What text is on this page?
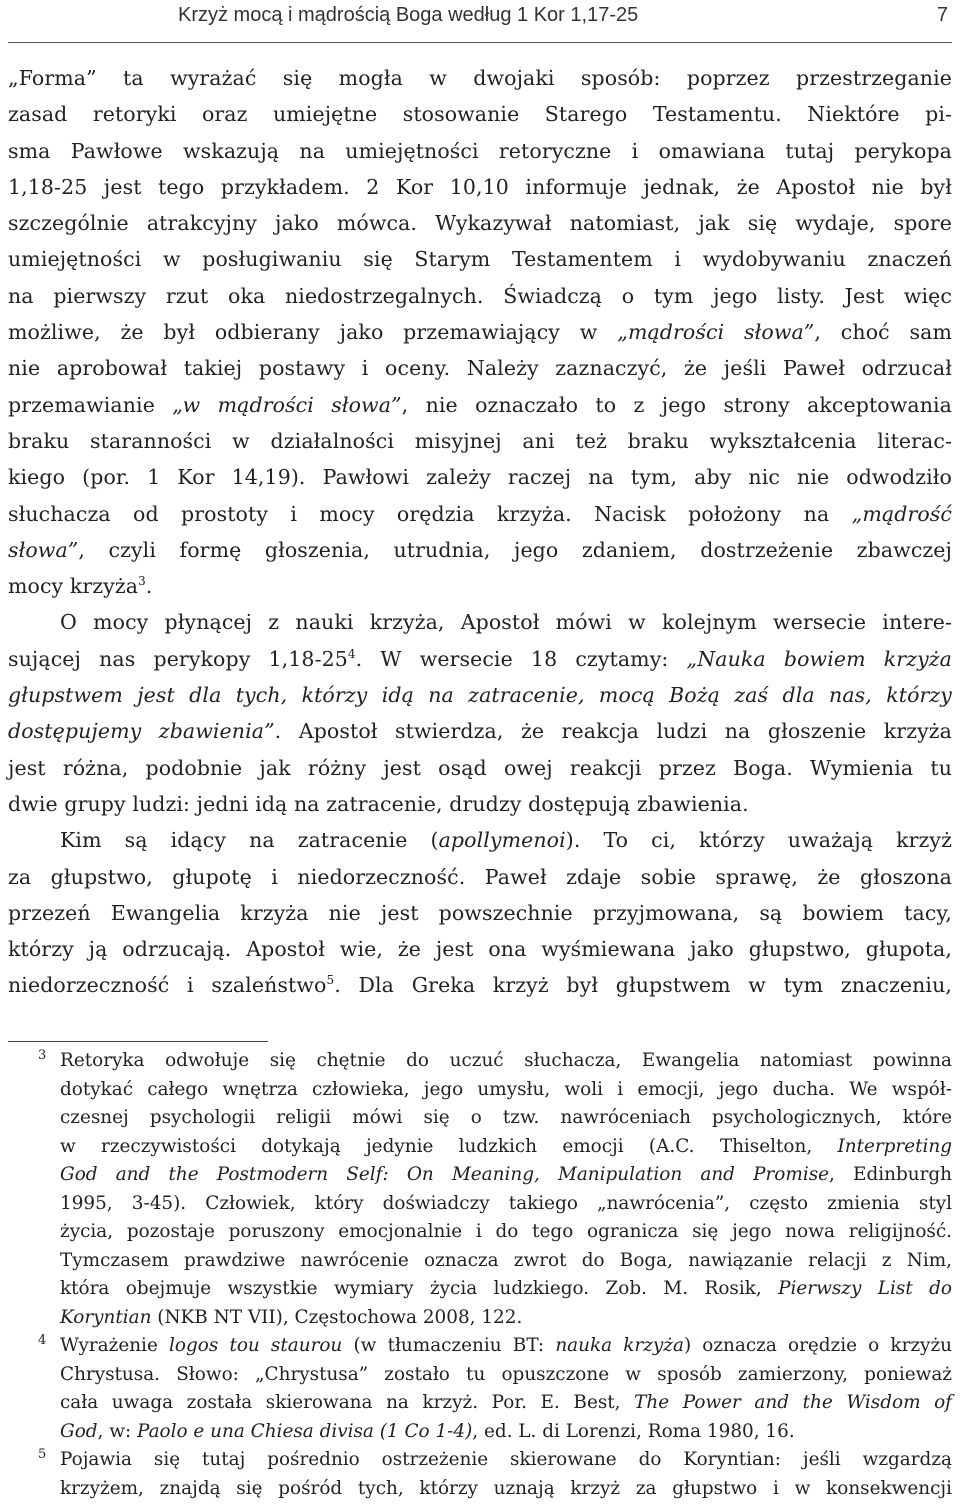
Krzyż mocą i mądrością Boga według 1 Kor 1,17-25	7
„Forma” ta wyrażać się mogła w dwojaki sposób: poprzez przestrzeganie
zasad retoryki oraz umiejętne stosowanie Starego Testamentu. Niektóre pi-
sma Pawłowe wskazują na umiejętności retoryczne i omawiana tutaj perykopa
1,18-25 jest tego przykładem. 2 Kor 10,10 informuje jednak, że Apostoł nie był
szczególnie atrakcyjny jako mówca. Wykazywał natomiast, jak się wydaje, spore
umiejętności w posługiwaniu się Starym Testamentem i wydobywaniu znaczeń
na pierwszy rzut oka niedostrzegalnych. Świadczą o tym jego listy. Jest więc
możliwe, że był odbierany jako przemawiający w „mądrości słowa”, choć sam
nie aprobował takiej postawy i oceny. Należy zaznaczyć, że jeśli Paweł odrzucał
przemawianie „w mądrości słowa”, nie oznaczało to z jego strony akceptowania
braku staranności w działalności misyjnej ani też braku wykształcenia literac-
kiego (por. 1 Kor 14,19). Pawłowi zależy raczej na tym, aby nic nie odwodziło
słuchacza od prostoty i mocy orędzia krzyża. Nacisk położony na „mądrość
słowa”, czyli formę głoszenia, utrudnia, jego zdaniem, dostrzeżenie zbawczej
mocy krzyża$^3$.
O mocy płynącej z nauki krzyża, Apostoł mówi w kolejnym wersecie intere-
sującej nas perykopy $1,18-25^4$. W wersecie 18 czytamy: „Nauka bowiem krzyża
głupstwem jest dla tych, którzy idą na zatracenie, mocą Bożą zaś dla nas, którzy
dostępujemy zbawienia”. Apostoł stwierdza, że reakcja ludzi na głoszenie krzyża
jest różna, podobnie jak różny jest osąd owej reakcji przez Boga. Wymienia tu
dwie grupy ludzi: jedni idą na zatracenie, drudzy dostępują zbawienia.
Kim są idący na zatracenie (apollymenoi). To ci, którzy uważają krzyż
za głupstwo, głupotę i niedorzeczność. Paweł zdaje sobie sprawę, że głoszona
przezeń Ewangelia krzyża nie jest powszechnie przyjmowana, są bowiem tacy,
którzy ją odrzucają. Apostoł wie, że jest ona wyśmiewana jako głupstwo, głupota,
niedorzeczność i szaleństwo$^5$. Dla Greka krzyż był głupstwem w tym znaczeniu,
3 Retoryka odwołuje się chętnie do uczuć słuchacza, Ewangelia natomiast powinna
dotykać całego wnętrza człowieka, jego umysłu, woli i emocji, jego ducha. We współ-
czesnej psychologii religii mówi się o tzw. nawróceniach psychologicznych, które
w rzeczywistości dotykają jedynie ludzkich emocji (A.C. Thiselton, Interpreting
God and the Postmodern Self: On Meaning, Manipulation and Promise, Edinburgh
1995, 3-45). Człowiek, który doświadczy takiego „nawrócenia”, często zmienia styl
życia, pozostaje poruszony emocjonalnie i do tego ogranicza się jego nowa religijność.
Tymczasem prawdziwe nawrócenie oznacza zwrot do Boga, nawiązanie relacji z Nim,
która obejmuje wszystkie wymiary życia ludzkiego. Zob. M. Rosik, Pierwszy List do
Koryntian (NKB NT VII), Częstochowa 2008, 122.
4 Wyrażenie logos tou staurou (w tłumaczeniu BT: nauka krzyża) oznacza orędzie o krzyżu
Chrystusa. Słowo: „Chrystusa” zostało tu opuszczone w sposób zamierzony, ponieważ
cała uwaga została skierowana na krzyż. Por. E. Best, The Power and the Wisdom of
God, w: Paolo e una Chiesa divisa (1 Co 1-4), ed. L. di Lorenzi, Roma 1980, 16.
5 Pojawia się tutaj pośrednio ostrzeżenie skierowane do Koryntian: jeśli wzgardzą
krzyżem, znajdą się pośród tych, którzy uznają krzyż za głupstwo i w konsekwencji
